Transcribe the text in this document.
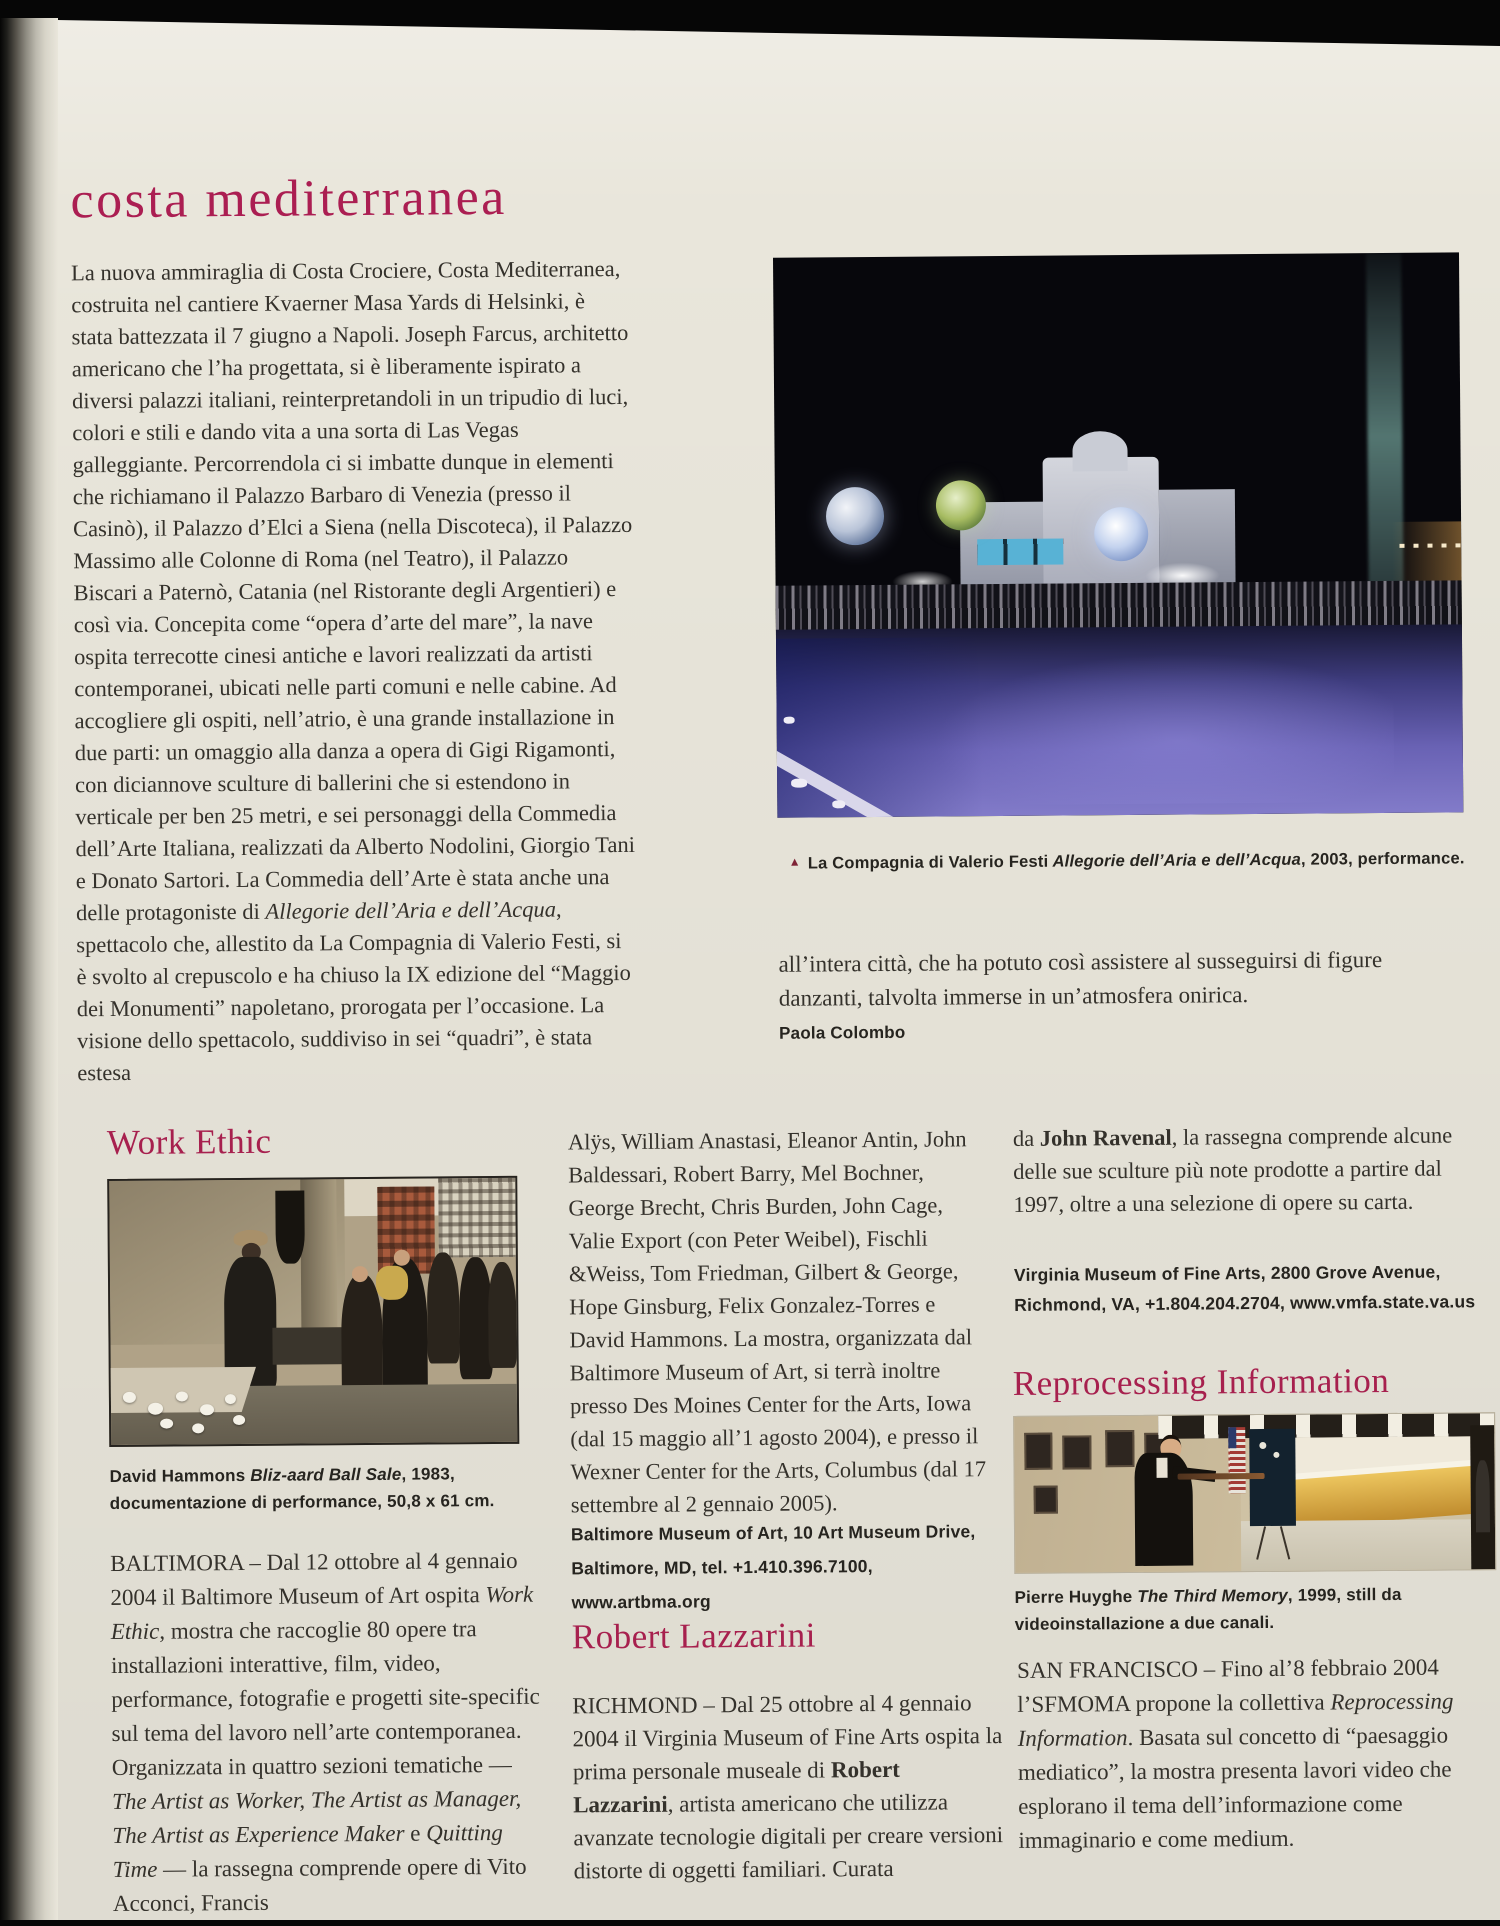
costa mediterranea

La nuova ammiraglia di Costa Crociere, Costa Mediterranea, costruita nel cantiere Kvaerner Masa Yards di Helsinki, è stata battezzata il 7 giugno a Napoli. Joseph Farcus, architetto americano che l’ha progettata, si è liberamente ispirato a diversi palazzi italiani, reinterpretandoli in un tripudio di luci, colori e stili e dando vita a una sorta di Las Vegas galleggiante. Percorrendola ci si imbatte dunque in elementi che richiamano il Palazzo Barbaro di Venezia (presso il Casinò), il Palazzo d’Elci a Siena (nella Discoteca), il Palazzo Massimo alle Colonne di Roma (nel Teatro), il Palazzo Biscari a Paternò, Catania (nel Ristorante degli Argentieri) e così via. Concepita come “opera d’arte del mare”, la nave ospita terrecotte cinesi antiche e lavori realizzati da artisti contemporanei, ubicati nelle parti comuni e nelle cabine. Ad accogliere gli ospiti, nell’atrio, è una grande installazione in due parti: un omaggio alla danza a opera di Gigi Rigamonti, con diciannove sculture di ballerini che si estendono in verticale per ben 25 metri, e sei personaggi della Commedia dell’Arte Italiana, realizzati da Alberto Nodolini, Giorgio Tani e Donato Sartori. La Commedia dell’Arte è stata anche una delle protagoniste di Allegorie dell’Aria e dell’Acqua, spettacolo che, allestito da La Compagnia di Valerio Festi, si è svolto al crepuscolo e ha chiuso la IX edizione del “Maggio dei Monumenti” napoletano, prorogata per l’occasione. La visione dello spettacolo, suddiviso in sei “quadri”, è stata estesa

▲ La Compagnia di Valerio Festi Allegorie dell’Aria e dell’Acqua, 2003, performance.

all’intera città, che ha potuto così assistere al susseguirsi di figure danzanti, talvolta immerse in un’atmosfera onirica.

Paola Colombo
Work Ethic
David Hammons Bliz-aard Ball Sale, 1983, documentazione di performance, 50,8 x 61 cm.

BALTIMORA – Dal 12 ottobre al 4 gennaio 2004 il Baltimore Museum of Art ospita Work Ethic, mostra che raccoglie 80 opere tra installazioni interattive, film, video, performance, fotografie e progetti site-specific sul tema del lavoro nell’arte contemporanea. Organizzata in quattro sezioni tematiche — The Artist as Worker, The Artist as Manager, The Artist as Experience Maker e Quitting Time — la rassegna comprende opere di Vito Acconci, Francis

Alÿs, William Anastasi, Eleanor Antin, John Baldessari, Robert Barry, Mel Bochner, George Brecht, Chris Burden, John Cage, Valie Export (con Peter Weibel), Fischli &Weiss, Tom Friedman, Gilbert & George, Hope Ginsburg, Felix Gonzalez-Torres e David Hammons. La mostra, organizzata dal Baltimore Museum of Art, si terrà inoltre presso Des Moines Center for the Arts, Iowa (dal 15 maggio all’1 agosto 2004), e presso il Wexner Center for the Arts, Columbus (dal 17 settembre al 2 gennaio 2005).

Baltimore Museum of Art, 10 Art Museum Drive, Baltimore, MD, tel. +1.410.396.7100, www.artbma.org
Robert Lazzarini

RICHMOND – Dal 25 ottobre al 4 gennaio 2004 il Virginia Museum of Fine Arts ospita la prima personale museale di Robert Lazzarini, artista americano che utilizza avanzate tecnologie digitali per creare versioni distorte di oggetti familiari. Curata

da John Ravenal, la rassegna comprende alcune delle sue sculture più note prodotte a partire dal 1997, oltre a una selezione di opere su carta.

Virginia Museum of Fine Arts, 2800 Grove Avenue, Richmond, VA, +1.804.204.2704, www.vmfa.state.va.us
Reprocessing Information
Pierre Huyghe The Third Memory, 1999, still da videoinstallazione a due canali.

SAN FRANCISCO – Fino al’8 febbraio 2004 l’SFMOMA propone la collettiva Reprocessing Information. Basata sul concetto di “paesaggio mediatico”, la mostra presenta lavori video che esplorano il tema dell’informazione come immaginario e come medium.
